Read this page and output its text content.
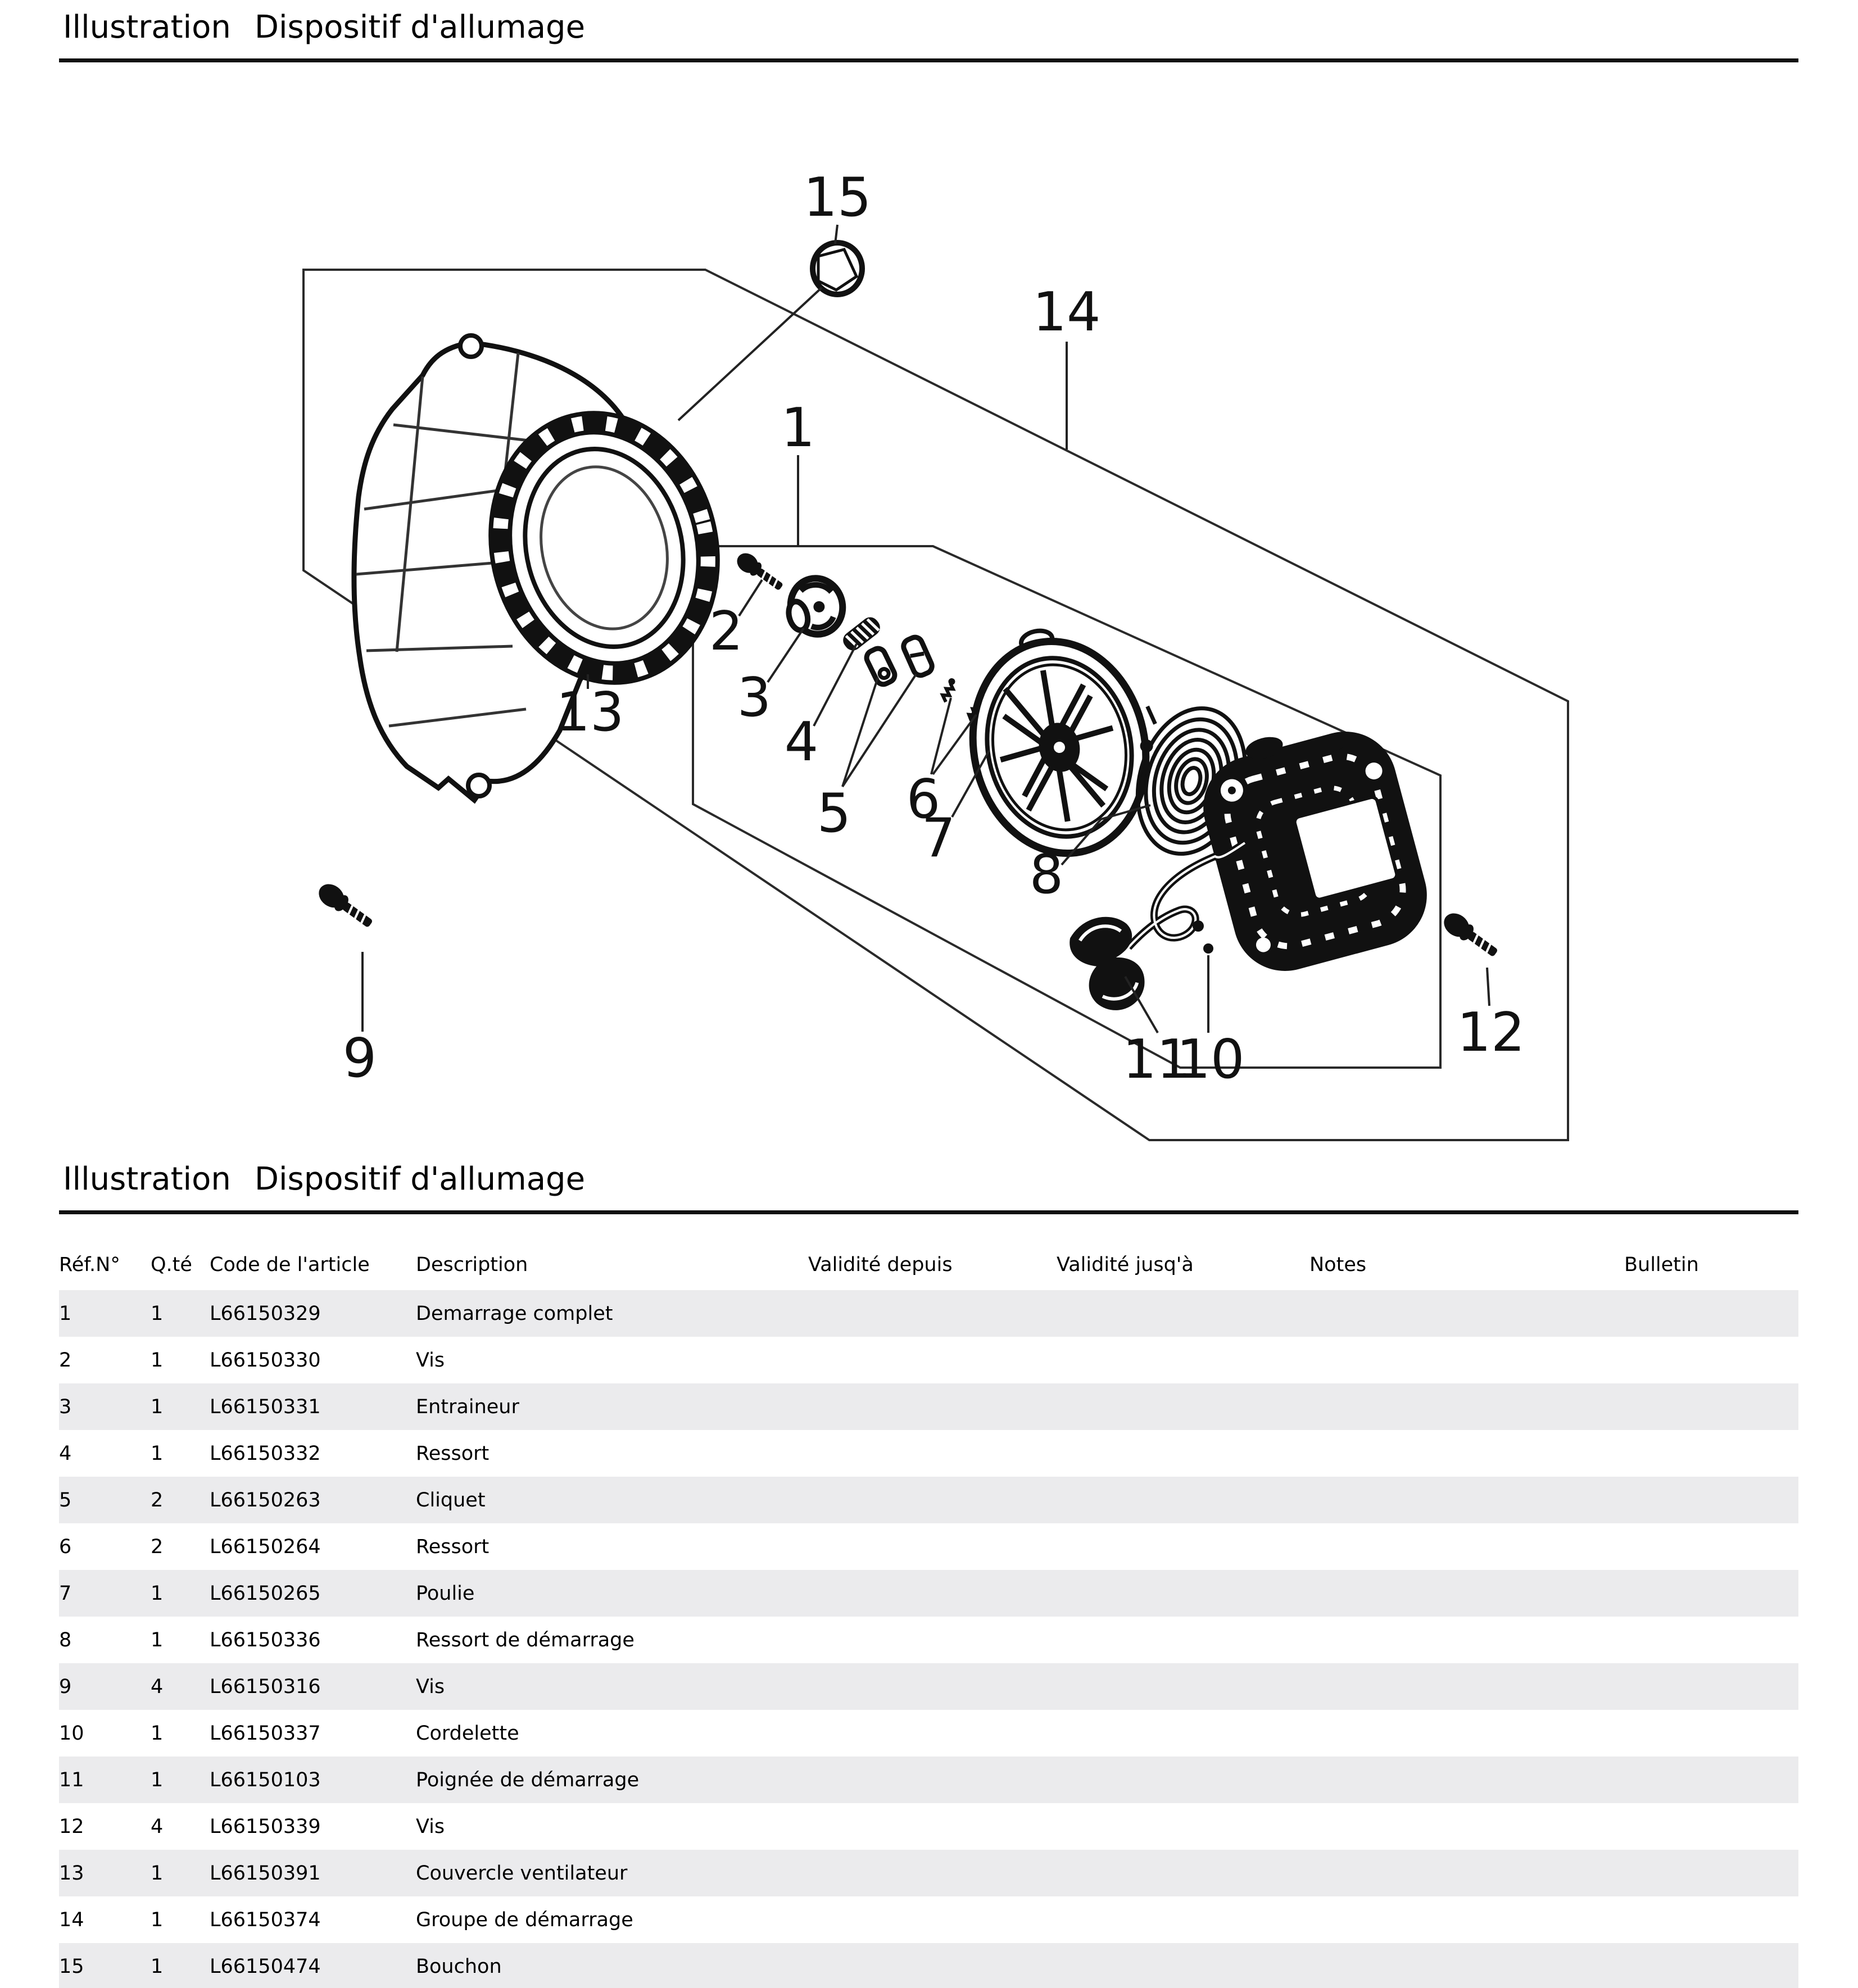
Illustration Dispositif d'allumage
1
2
3
4
5 6
7
8
9	10
11	12
13
14
15
Illustration Dispositif d'allumage
Réf.N°	Q.té	Code de l'article	Description	Validité depuis	Validité jusq'à	Notes	Bulletin
1	1	L66150329	Demarrage complet				
2	1	L66150330	Vis				
3	1	L66150331	Entraineur				
4	1	L66150332	Ressort				
5	2	L66150263	Cliquet				
6	2	L66150264	Ressort				
7	1	L66150265	Poulie				
8	1	L66150336	Ressort de démarrage				
9	4	L66150316	Vis				
10	1	L66150337	Cordelette				
11	1	L66150103	Poignée de démarrage				
12	4	L66150339	Vis				
13	1	L66150391	Couvercle ventilateur				
14	1	L66150374	Groupe de démarrage				
15	1	L66150474	Bouchon				
